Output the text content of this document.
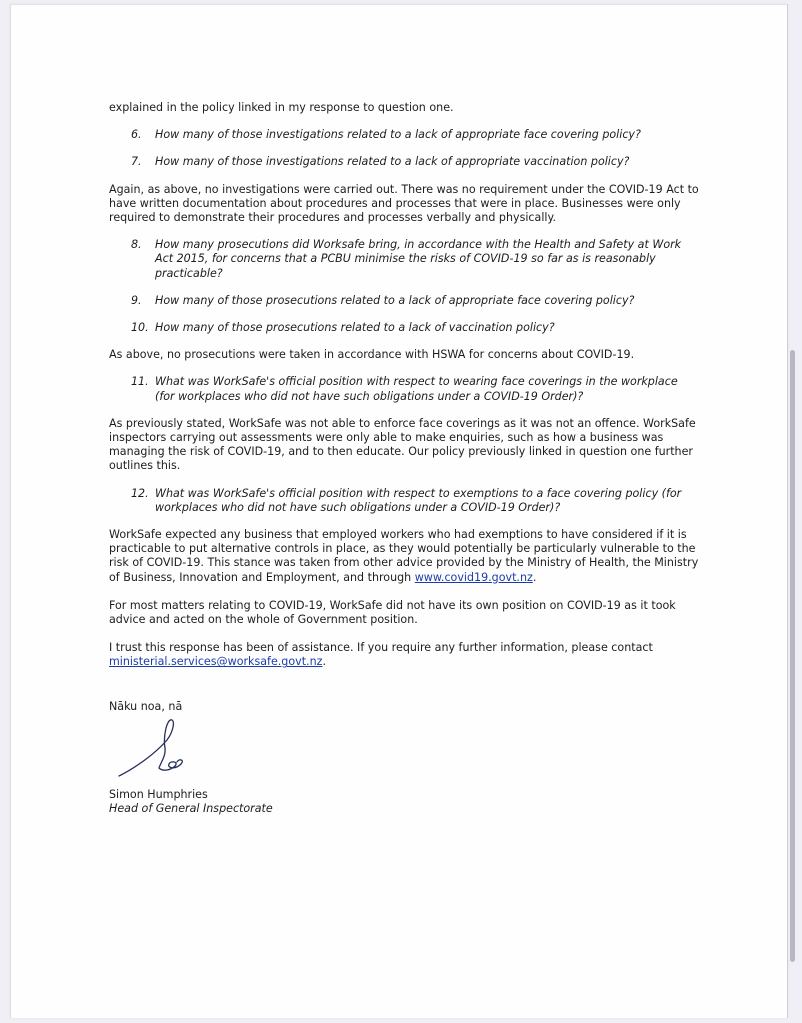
explained in the policy linked in my response to question one.

6.	How many of those investigations related to a lack of appropriate face covering policy?
7.	How many of those investigations related to a lack of appropriate vaccination policy?

Again, as above, no investigations were carried out. There was no requirement under the COVID-19 Act to have written documentation about procedures and processes that were in place. Businesses were only required to demonstrate their procedures and processes verbally and physically.

8.	How many prosecutions did Worksafe bring, in accordance with the Health and Safety at Work Act 2015, for concerns that a PCBU minimise the risks of COVID-19 so far as is reasonably practicable?
9.	How many of those prosecutions related to a lack of appropriate face covering policy?
10. How many of those prosecutions related to a lack of vaccination policy?

As above, no prosecutions were taken in accordance with HSWA for concerns about COVID-19.

11. What was WorkSafe's official position with respect to wearing face coverings in the workplace (for workplaces who did not have such obligations under a COVID-19 Order)?

As previously stated, WorkSafe was not able to enforce face coverings as it was not an offence. WorkSafe inspectors carrying out assessments were only able to make enquiries, such as how a business was managing the risk of COVID-19, and to then educate. Our policy previously linked in question one further outlines this.

12. What was WorkSafe's official position with respect to exemptions to a face covering policy (for workplaces who did not have such obligations under a COVID-19 Order)?

WorkSafe expected any business that employed workers who had exemptions to have considered if it is practicable to put alternative controls in place, as they would potentially be particularly vulnerable to the risk of COVID-19. This stance was taken from other advice provided by the Ministry of Health, the Ministry of Business, Innovation and Employment, and through www.covid19.govt.nz.

For most matters relating to COVID-19, WorkSafe did not have its own position on COVID-19 as it took advice and acted on the whole of Government position.

I trust this response has been of assistance. If you require any further information, please contact ministerial.services@worksafe.govt.nz.

Nāku noa, nā

Simon Humphries

Head of General Inspectorate
